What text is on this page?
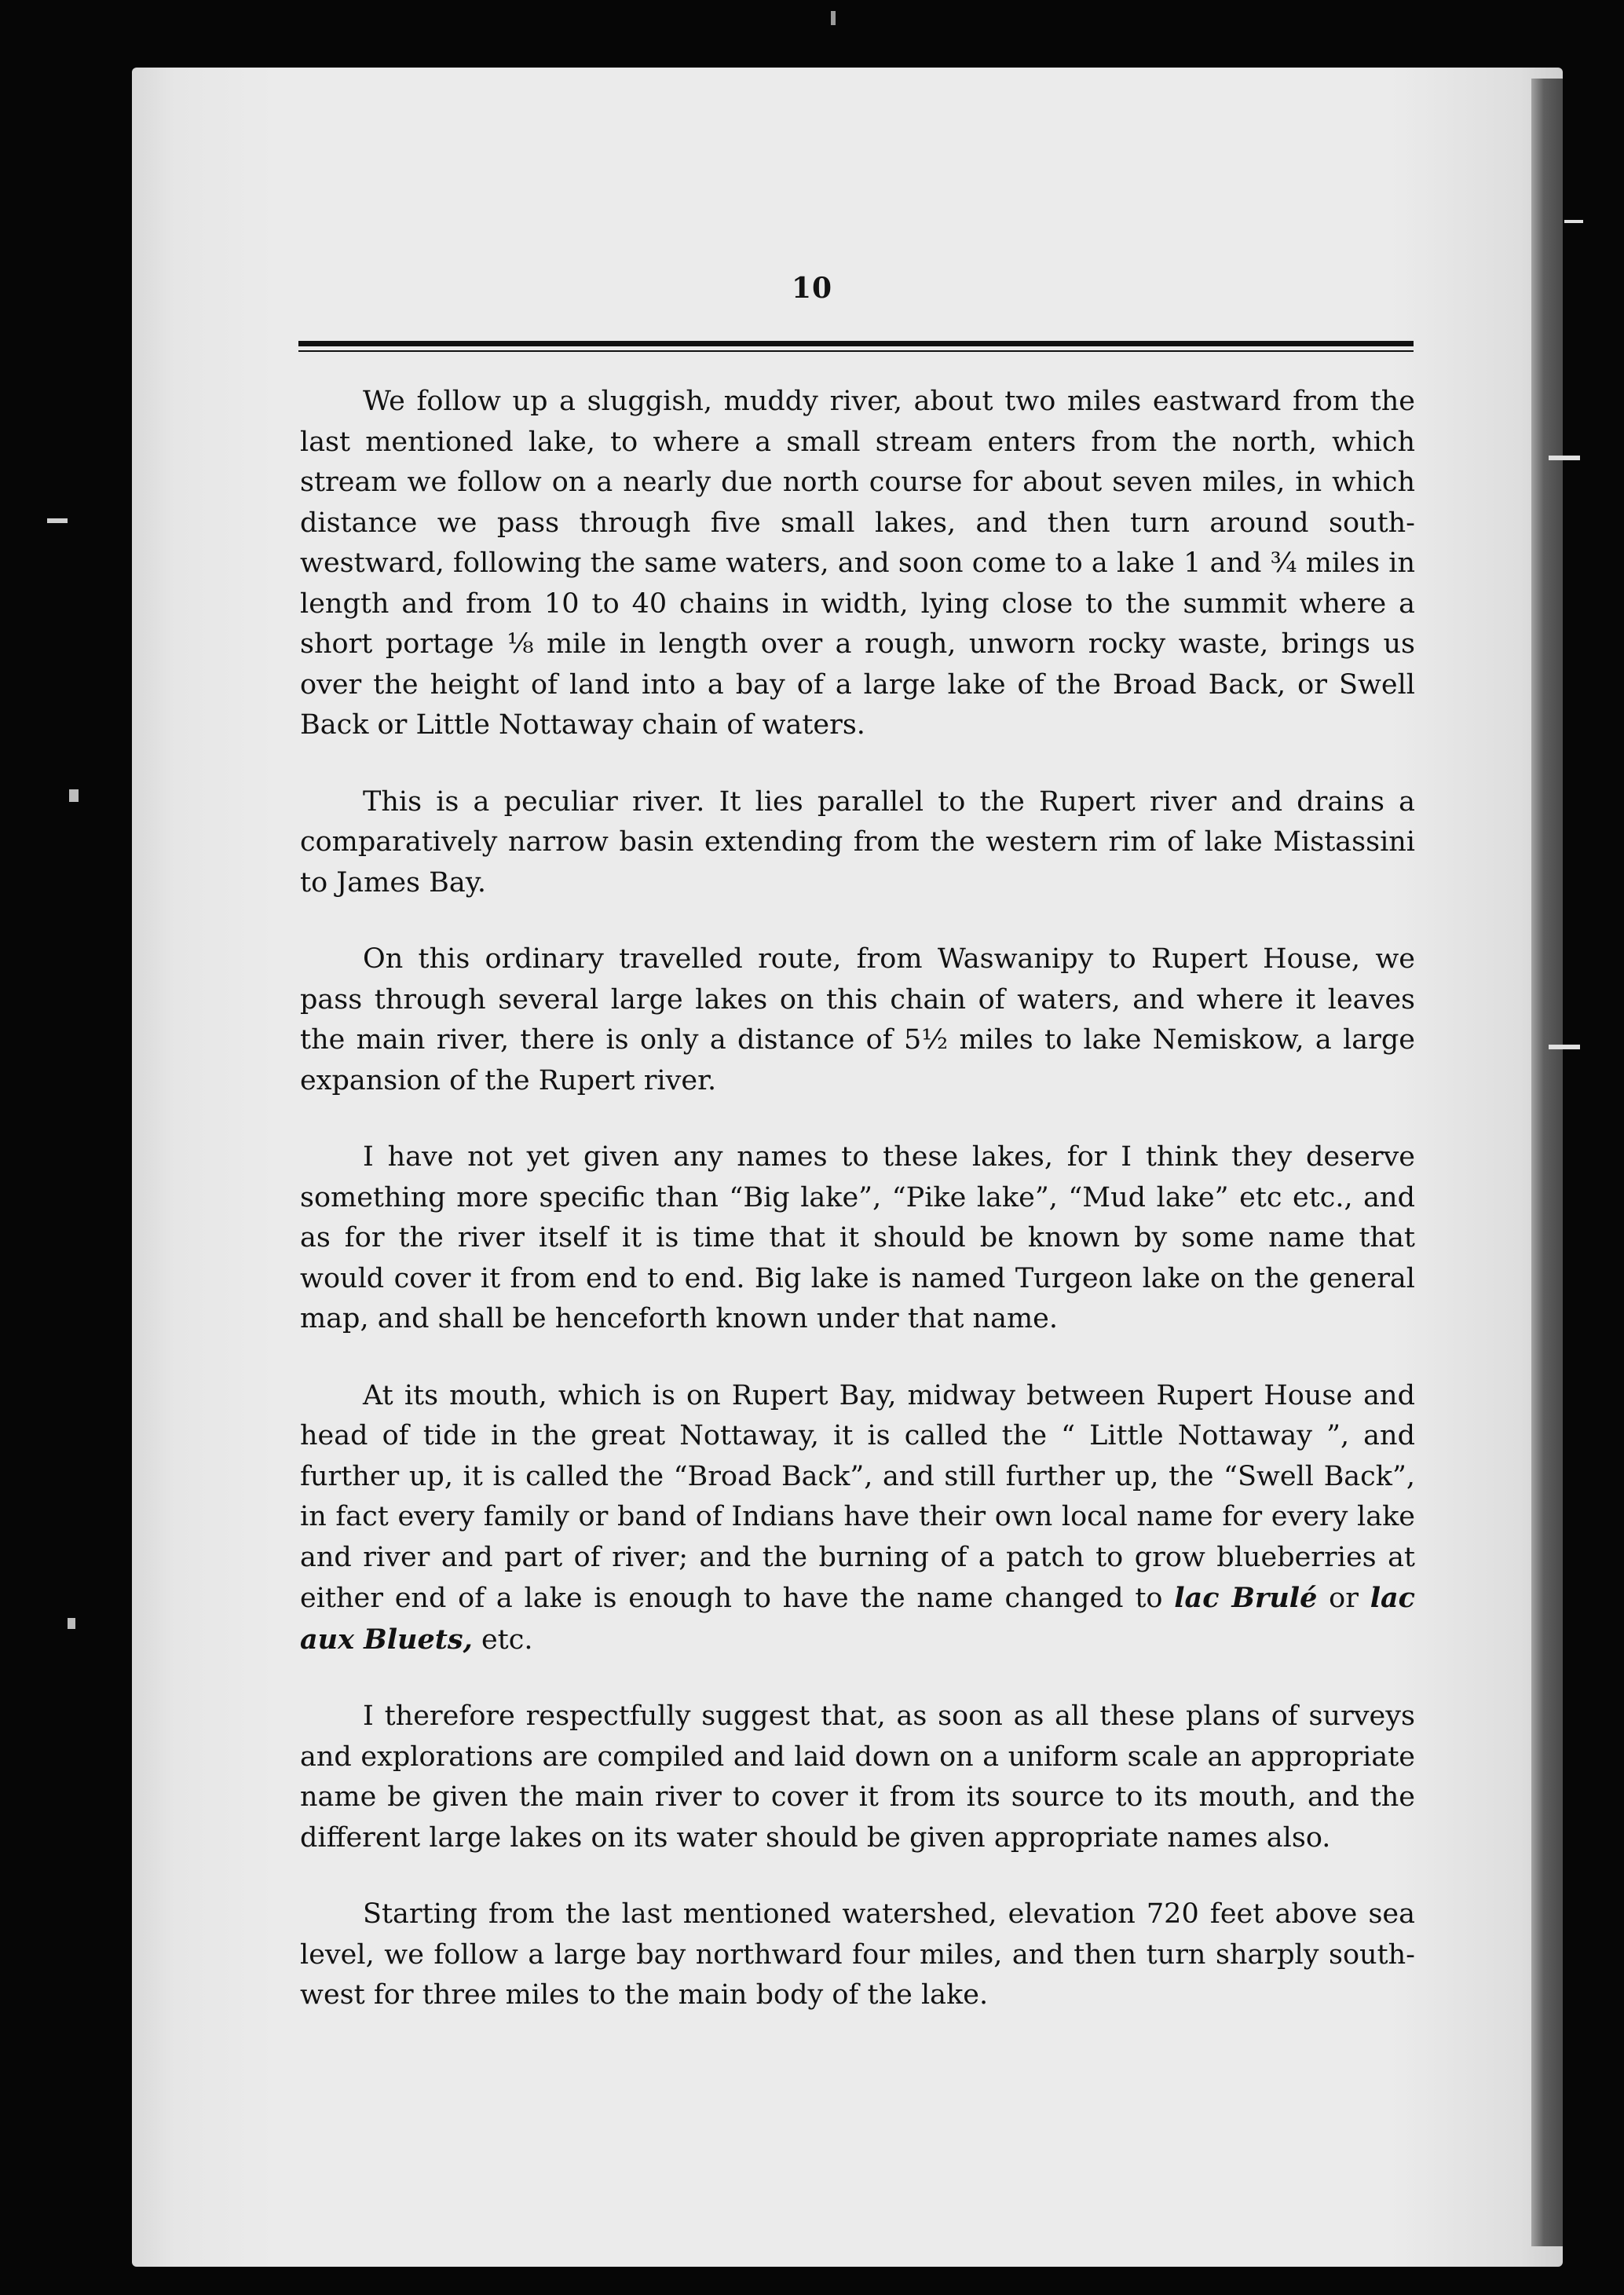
10

We follow up a sluggish, muddy river, about two miles eastward from the last mentioned lake, to where a small stream enters from the north, which stream we follow on a nearly due north course for about seven miles, in which distance we pass through five small lakes, and then turn around south-westward, following the same waters, and soon come to a lake 1 and ¾ miles in length and from 10 to 40 chains in width, lying close to the summit where a short portage ⅛ mile in length over a rough, unworn rocky waste, brings us over the height of land into a bay of a large lake of the Broad Back, or Swell Back or Little Nottaway chain of waters.

This is a peculiar river. It lies parallel to the Rupert river and drains a comparatively narrow basin extending from the western rim of lake Mistassini to James Bay.

On this ordinary travelled route, from Waswanipy to Rupert House, we pass through several large lakes on this chain of waters, and where it leaves the main river, there is only a distance of 5½ miles to lake Nemiskow, a large expansion of the Rupert river.

I have not yet given any names to these lakes, for I think they deserve something more specific than “Big lake”, “Pike lake”, “Mud lake” etc etc., and as for the river itself it is time that it should be known by some name that would cover it from end to end. Big lake is named Turgeon lake on the general map, and shall be henceforth known under that name.

At its mouth, which is on Rupert Bay, midway between Rupert House and head of tide in the great Nottaway, it is called the “ Little Nottaway ”, and further up, it is called the “Broad Back”, and still further up, the “Swell Back”, in fact every family or band of Indians have their own local name for every lake and river and part of river; and the burning of a patch to grow blueberries at either end of a lake is enough to have the name changed to lac Brulé or lac aux Bluets, etc.

I therefore respectfully suggest that, as soon as all these plans of surveys and explorations are compiled and laid down on a uniform scale an appropriate name be given the main river to cover it from its source to its mouth, and the different large lakes on its water should be given appropriate names also.

Starting from the last mentioned watershed, elevation 720 feet above sea level, we follow a large bay northward four miles, and then turn sharply south-west for three miles to the main body of the lake.
